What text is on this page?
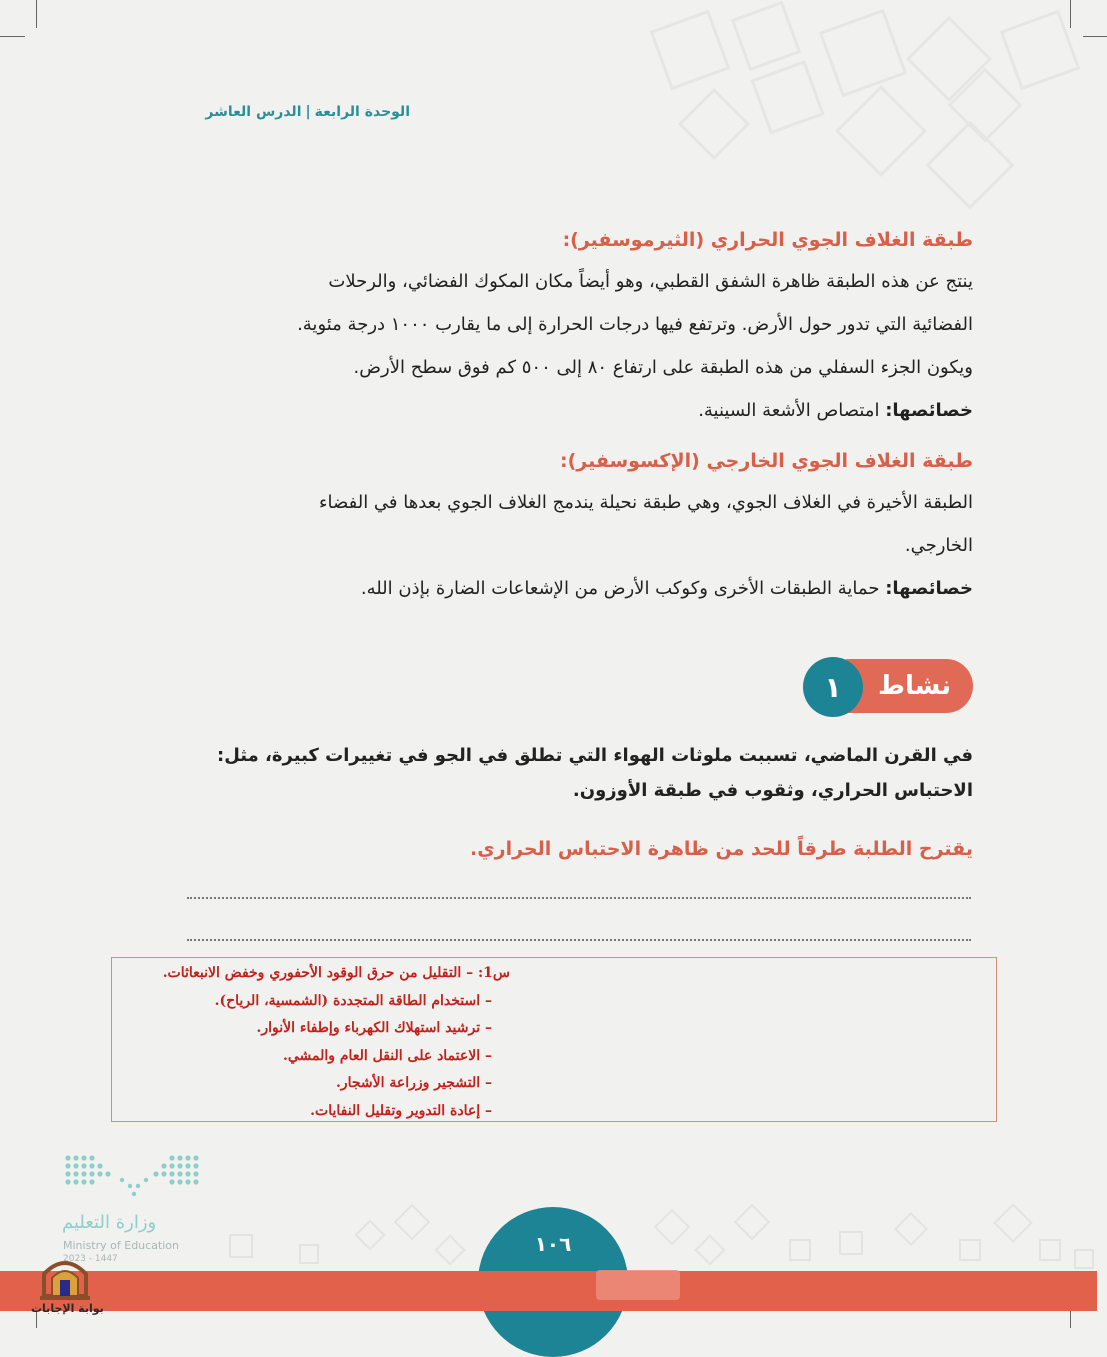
الوحدة الرابعة|الدرس العاشر

طبقة الغلاف الجوي الحراري (الثيرموسفير):

ينتج عن هذه الطبقة ظاهرة الشفق القطبي، وهو أيضاً مكان المكوك الفضائي، والرحلات

الفضائية التي تدور حول الأرض. وترتفع فيها درجات الحرارة إلى ما يقارب ١٠٠٠ درجة مئوية.

ويكون الجزء السفلي من هذه الطبقة على ارتفاع ٨٠ إلى ٥٠٠ كم فوق سطح الأرض.

خصائصها: امتصاص الأشعة السينية.

طبقة الغلاف الجوي الخارجي (الإكسوسفير):

الطبقة الأخيرة في الغلاف الجوي، وهي طبقة نحيلة يندمج الغلاف الجوي بعدها في الفضاء

الخارجي.

خصائصها: حماية الطبقات الأخرى وكوكب الأرض من الإشعاعات الضارة بإذن الله.

نشاط
١
في القرن الماضي، تسببت ملوثات الهواء التي تطلق في الجو في تغييرات كبيرة، مثل:
الاحتباس الحراري، وثقوب في طبقة الأوزون.

يقترح الطلبة طرقاً للحد من ظاهرة الاحتباس الحراري.

س1: – التقليل من حرق الوقود الأحفوري وخفض الانبعاثات.
– استخدام الطاقة المتجددة (الشمسية، الرياح).
– ترشيد استهلاك الكهرباء وإطفاء الأنوار.
– الاعتماد على النقل العام والمشي.
– التشجير وزراعة الأشجار.
– إعادة التدوير وتقليل النفايات.
وزارة التعليم
Ministry of Education
2023 - 1447
١٠٦
بوابة الإجابات
